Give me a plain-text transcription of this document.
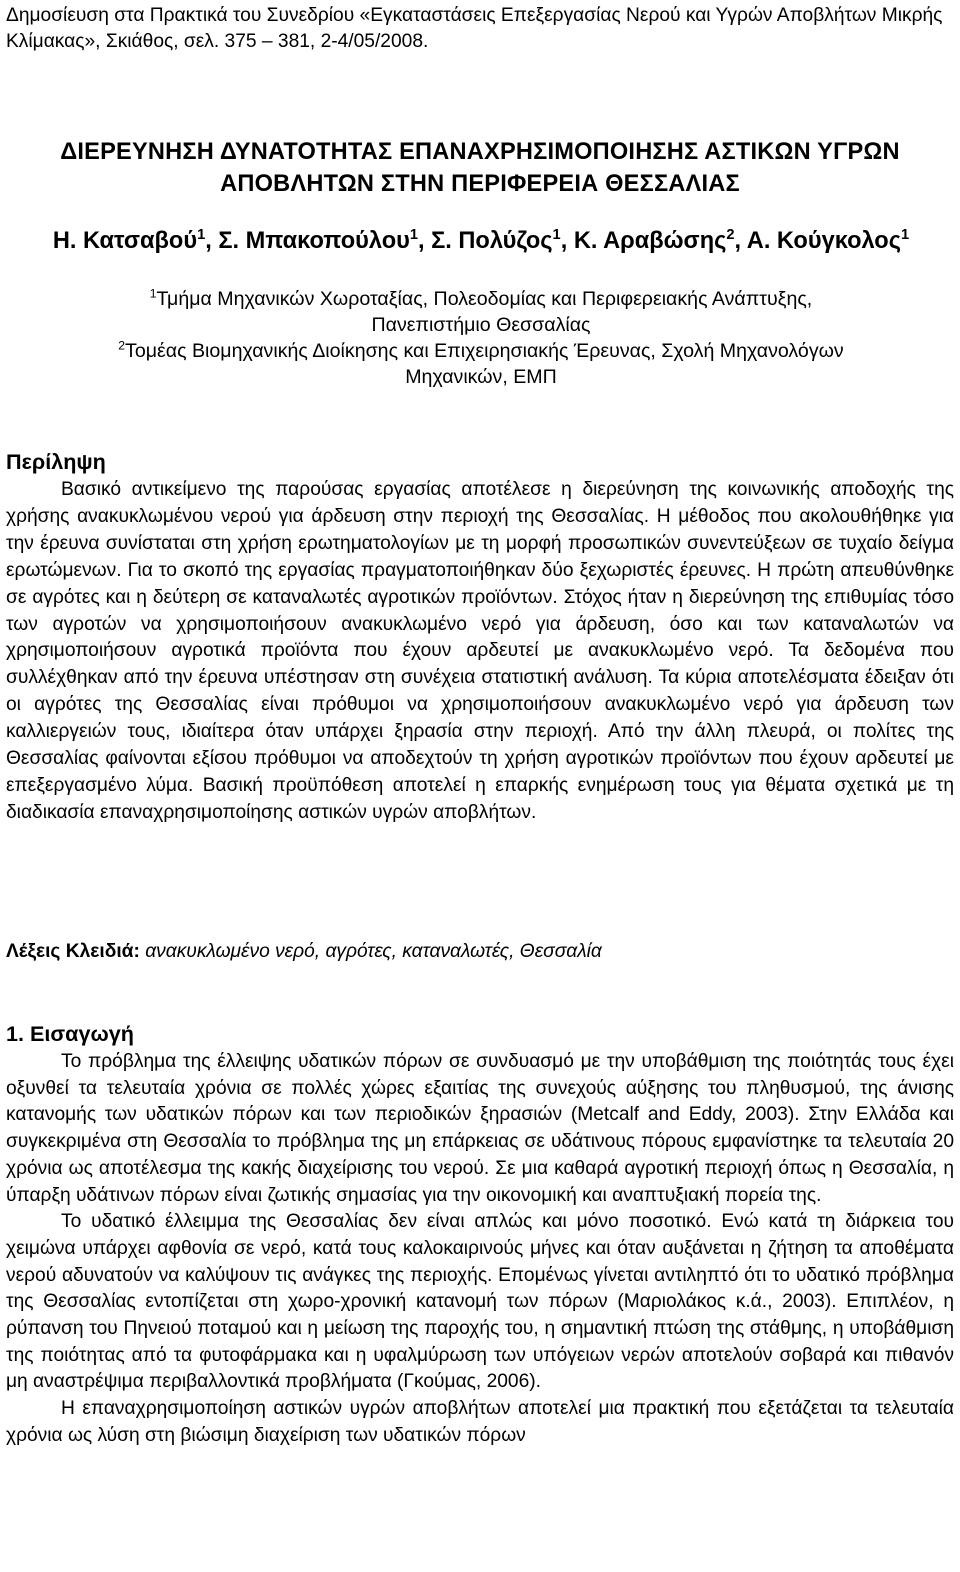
Δημοσίευση στα Πρακτικά του Συνεδρίου «Εγκαταστάσεις Επεξεργασίας Νερού και Υγρών Αποβλήτων Μικρής Κλίμακας», Σκιάθος, σελ. 375 – 381, 2-4/05/2008.
ΔΙΕΡΕΥΝΗΣΗ ΔΥΝΑΤΟΤΗΤΑΣ ΕΠΑΝΑΧΡΗΣΙΜΟΠΟΙΗΣΗΣ ΑΣΤΙΚΩΝ ΥΓΡΩΝ
ΑΠΟΒΛΗΤΩΝ ΣΤΗΝ ΠΕΡΙΦΕΡΕΙΑ ΘΕΣΣΑΛΙΑΣ
Η. Κατσαβού$^1$, Σ. Μπακοπούλου$^1$, Σ. Πολύζος$^1$, Κ. Αραβώσης$^2$, Α. Κούγκολος$^1$
$^1$Τμήμα Μηχανικών Χωροταξίας, Πολεοδομίας και Περιφερειακής Ανάπτυξης,
Πανεπιστήμιο Θεσσαλίας
$^2$Τομέας Βιομηχανικής Διοίκησης και Επιχειρησιακής Έρευνας, Σχολή Μηχανολόγων
Μηχανικών, ΕΜΠ
Περίληψη
Βασικό αντικείμενο της παρούσας εργασίας αποτέλεσε η διερεύνηση της κοινωνικής αποδοχής της χρήσης ανακυκλωμένου νερού για άρδευση στην περιοχή της Θεσσαλίας. Η μέθοδος που ακολουθήθηκε για την έρευνα συνίσταται στη χρήση ερωτηματολογίων με τη μορφή προσωπικών συνεντεύξεων σε τυχαίο δείγμα ερωτώμενων. Για το σκοπό της εργασίας πραγματοποιήθηκαν δύο ξεχωριστές έρευνες. Η πρώτη απευθύνθηκε σε αγρότες και η δεύτερη σε καταναλωτές αγροτικών προϊόντων. Στόχος ήταν η διερεύνηση της επιθυμίας τόσο των αγροτών να χρησιμοποιήσουν ανακυκλωμένο νερό για άρδευση, όσο και των καταναλωτών να χρησιμοποιήσουν αγροτικά προϊόντα που έχουν αρδευτεί με ανακυκλωμένο νερό. Τα δεδομένα που συλλέχθηκαν από την έρευνα υπέστησαν στη συνέχεια στατιστική ανάλυση. Τα κύρια αποτελέσματα έδειξαν ότι οι αγρότες της Θεσσαλίας είναι πρόθυμοι να χρησιμοποιήσουν ανακυκλωμένο νερό για άρδευση των καλλιεργειών τους, ιδιαίτερα όταν υπάρχει ξηρασία στην περιοχή. Από την άλλη πλευρά, οι πολίτες της Θεσσαλίας φαίνονται εξίσου πρόθυμοι να αποδεχτούν τη χρήση αγροτικών προϊόντων που έχουν αρδευτεί με επεξεργασμένο λύμα. Βασική προϋπόθεση αποτελεί η επαρκής ενημέρωση τους για θέματα σχετικά με τη διαδικασία επαναχρησιμοποίησης αστικών υγρών αποβλήτων.
Λέξεις Κλειδιά: ανακυκλωμένο νερό, αγρότες, καταναλωτές, Θεσσαλία
1. Εισαγωγή

Το πρόβλημα της έλλειψης υδατικών πόρων σε συνδυασμό με την υποβάθμιση της ποιότητάς τους έχει οξυνθεί τα τελευταία χρόνια σε πολλές χώρες εξαιτίας της συνεχούς αύξησης του πληθυσμού, της άνισης κατανομής των υδατικών πόρων και των περιοδικών ξηρασιών (Metcalf and Eddy, 2003). Στην Ελλάδα και συγκεκριμένα στη Θεσσαλία το πρόβλημα της μη επάρκειας σε υδάτινους πόρους εμφανίστηκε τα τελευταία 20 χρόνια ως αποτέλεσμα της κακής διαχείρισης του νερού. Σε μια καθαρά αγροτική περιοχή όπως η Θεσσαλία, η ύπαρξη υδάτινων πόρων είναι ζωτικής σημασίας για την οικονομική και αναπτυξιακή πορεία της.

Το υδατικό έλλειμμα της Θεσσαλίας δεν είναι απλώς και μόνο ποσοτικό. Ενώ κατά τη διάρκεια του χειμώνα υπάρχει αφθονία σε νερό, κατά τους καλοκαιρινούς μήνες και όταν αυξάνεται η ζήτηση τα αποθέματα νερού αδυνατούν να καλύψουν τις ανάγκες της περιοχής. Επομένως γίνεται αντιληπτό ότι το υδατικό πρόβλημα της Θεσσαλίας εντοπίζεται στη χωρο-χρονική κατανομή των πόρων (Μαριολάκος κ.ά., 2003). Επιπλέον, η ρύπανση του Πηνειού ποταμού και η μείωση της παροχής του, η σημαντική πτώση της στάθμης, η υποβάθμιση της ποιότητας από τα φυτοφάρμακα και η υφαλμύρωση των υπόγειων νερών αποτελούν σοβαρά και πιθανόν μη αναστρέψιμα περιβαλλοντικά προβλήματα (Γκούμας, 2006).

Η επαναχρησιμοποίηση αστικών υγρών αποβλήτων αποτελεί μια πρακτική που εξετάζεται τα τελευταία χρόνια ως λύση στη βιώσιμη διαχείριση των υδατικών πόρων
